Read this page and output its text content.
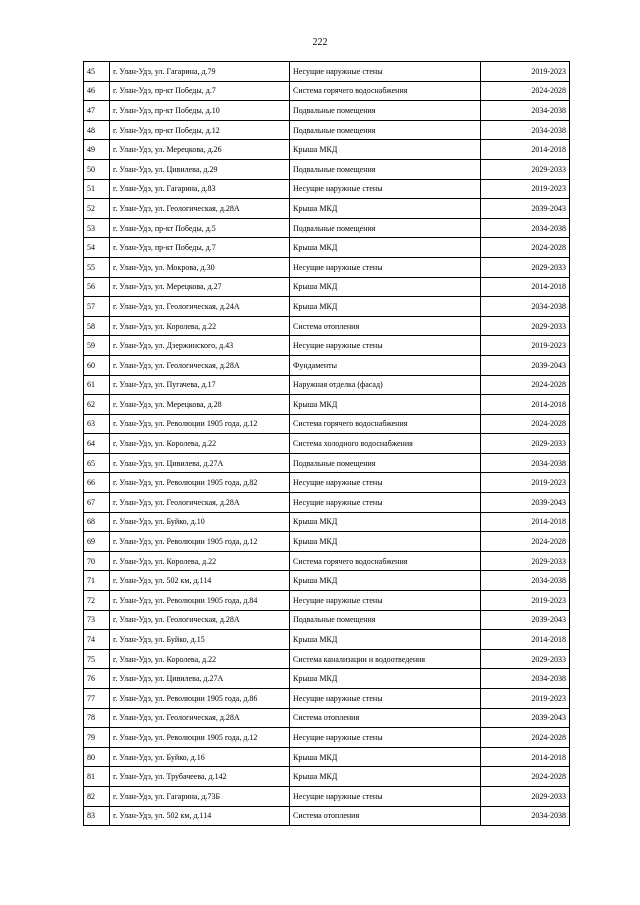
222
45	г. Улан-Удэ, ул. Гагарина, д.79	Несущие наружные стены	2019-2023
46	г. Улан-Удэ, пр-кт Победы, д.7	Система горячего водоснабжения	2024-2028
47	г. Улан-Удэ, пр-кт Победы, д.10	Подвальные помещения	2034-2038
48	г. Улан-Удэ, пр-кт Победы, д.12	Подвальные помещения	2034-2038
49	г. Улан-Удэ, ул. Мерецкова, д.26	Крыша МКД	2014-2018
50	г. Улан-Удэ, ул. Цивилева, д.29	Подвальные помещения	2029-2033
51	г. Улан-Удэ, ул. Гагарина, д.83	Несущие наружные стены	2019-2023
52	г. Улан-Удэ, ул. Геологическая, д.28А	Крыша МКД	2039-2043
53	г. Улан-Удэ, пр-кт Победы, д.5	Подвальные помещения	2034-2038
54	г. Улан-Удэ, пр-кт Победы, д.7	Крыша МКД	2024-2028
55	г. Улан-Удэ, ул. Мокрова, д.30	Несущие наружные стены	2029-2033
56	г. Улан-Удэ, ул. Мерецкова, д.27	Крыша МКД	2014-2018
57	г. Улан-Удэ, ул. Геологическая, д.24А	Крыша МКД	2034-2038
58	г. Улан-Удэ, ул. Королева, д.22	Система отопления	2029-2033
59	г. Улан-Удэ, ул. Дзержинского, д.43	Несущие наружные стены	2019-2023
60	г. Улан-Удэ, ул. Геологическая, д.28А	Фундаменты	2039-2043
61	г. Улан-Удэ, ул. Пугачева, д.17	Наружная отделка (фасад)	2024-2028
62	г. Улан-Удэ, ул. Мерецкова, д.28	Крыша МКД	2014-2018
63	г. Улан-Удэ, ул. Революции 1905 года, д.12	Система горячего водоснабжения	2024-2028
64	г. Улан-Удэ, ул. Королева, д.22	Система холодного водоснабжения	2029-2033
65	г. Улан-Удэ, ул. Цивилева, д.27А	Подвальные помещения	2034-2038
66	г. Улан-Удэ, ул. Революции 1905 года, д.82	Несущие наружные стены	2019-2023
67	г. Улан-Удэ, ул. Геологическая, д.28А	Несущие наружные стены	2039-2043
68	г. Улан-Удэ, ул. Буйко, д.10	Крыша МКД	2014-2018
69	г. Улан-Удэ, ул. Революции 1905 года, д.12	Крыша МКД	2024-2028
70	г. Улан-Удэ, ул. Королева, д.22	Система горячего водоснабжения	2029-2033
71	г. Улан-Удэ, ул. 502 км, д.114	Крыша МКД	2034-2038
72	г. Улан-Удэ, ул. Революции 1905 года, д.84	Несущие наружные стены	2019-2023
73	г. Улан-Удэ, ул. Геологическая, д.28А	Подвальные помещения	2039-2043
74	г. Улан-Удэ, ул. Буйко, д.15	Крыша МКД	2014-2018
75	г. Улан-Удэ, ул. Королева, д.22	Система канализации и водоотведения	2029-2033
76	г. Улан-Удэ, ул. Цивилева, д.27А	Крыша МКД	2034-2038
77	г. Улан-Удэ, ул. Революции 1905 года, д.86	Несущие наружные стены	2019-2023
78	г. Улан-Удэ, ул. Геологическая, д.28А	Система отопления	2039-2043
79	г. Улан-Удэ, ул. Революции 1905 года, д.12	Несущие наружные стены	2024-2028
80	г. Улан-Удэ, ул. Буйко, д.16	Крыша МКД	2014-2018
81	г. Улан-Удэ, ул. Трубачеева, д.142	Крыша МКД	2024-2028
82	г. Улан-Удэ, ул. Гагарина, д.73Б	Несущие наружные стены	2029-2033
83	г. Улан-Удэ, ул. 502 км, д.114	Система отопления	2034-2038
